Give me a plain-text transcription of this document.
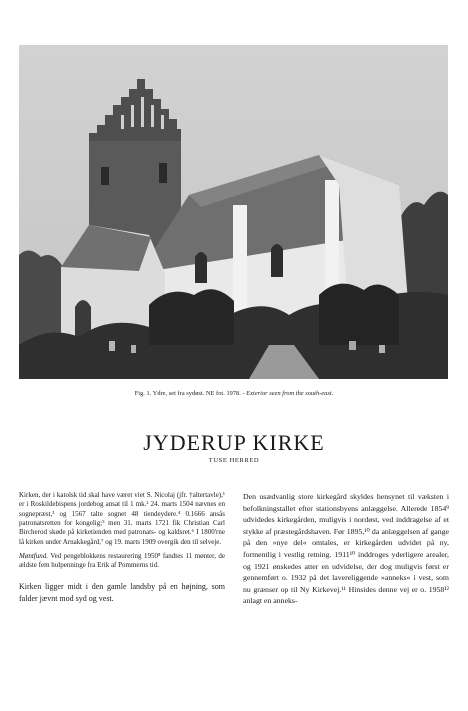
Fig. 1. Ydre, set fra sydøst. NE fot. 1978. - Exterior seen from the south-east.
JYDERUP KIRKE
TUSE HERRED

Kirken, der i katolsk tid skal have været viet S. Nicolaj (jfr. †altertavle),¹ er i Roskildebispens jordebog ansat til 1 mk.² 24. marts 1504 nævnes en sognepræst,³ og 1567 talte sognet 48 tiendeydere.⁴ 0.1666 ansås patronatsretten for kongelig;⁵ men 31. marts 1721 fik Christian Carl Bircherod skøde på kirketienden med patronats- og kaldsret.⁶ I 1800'rne lå kirken under Arnakkegård,⁷ og 19. marts 1909 overgik den til selveje.

Møntfund. Ved pengeblokkens restaurering 1950⁸ fandtes 11 mønter, de ældste fem hulpenninge fra Erik af Pommerns tid.

Kirken ligger midt i den gamle landsby på en højning, som falder jævnt mod syd og vest.

Den usædvanlig store kirkegård skyldes hensynet til væksten i befolkningstallet efter stationsbyens anlæggelse. Allerede 1854⁹ udvidedes kirkegården, muligvis i nordøst, ved inddragelse af et stykke af præstegårdshaven. Før 1895,¹⁰ da anlæggelsen af gange på den »nye del« omtales, er kirkegården udvidet på ny, formentlig i vestlig retning. 1911¹⁰ inddroges yderligere arealer, og 1921 ønskedes atter en udvidelse, der dog muligvis først er gennemført o. 1932 på det lavereliggende »anneks« i vest, som nu grænser op til Ny Kirkevej.¹¹ Hinsides denne vej er o. 1958¹² anlagt en anneks-
